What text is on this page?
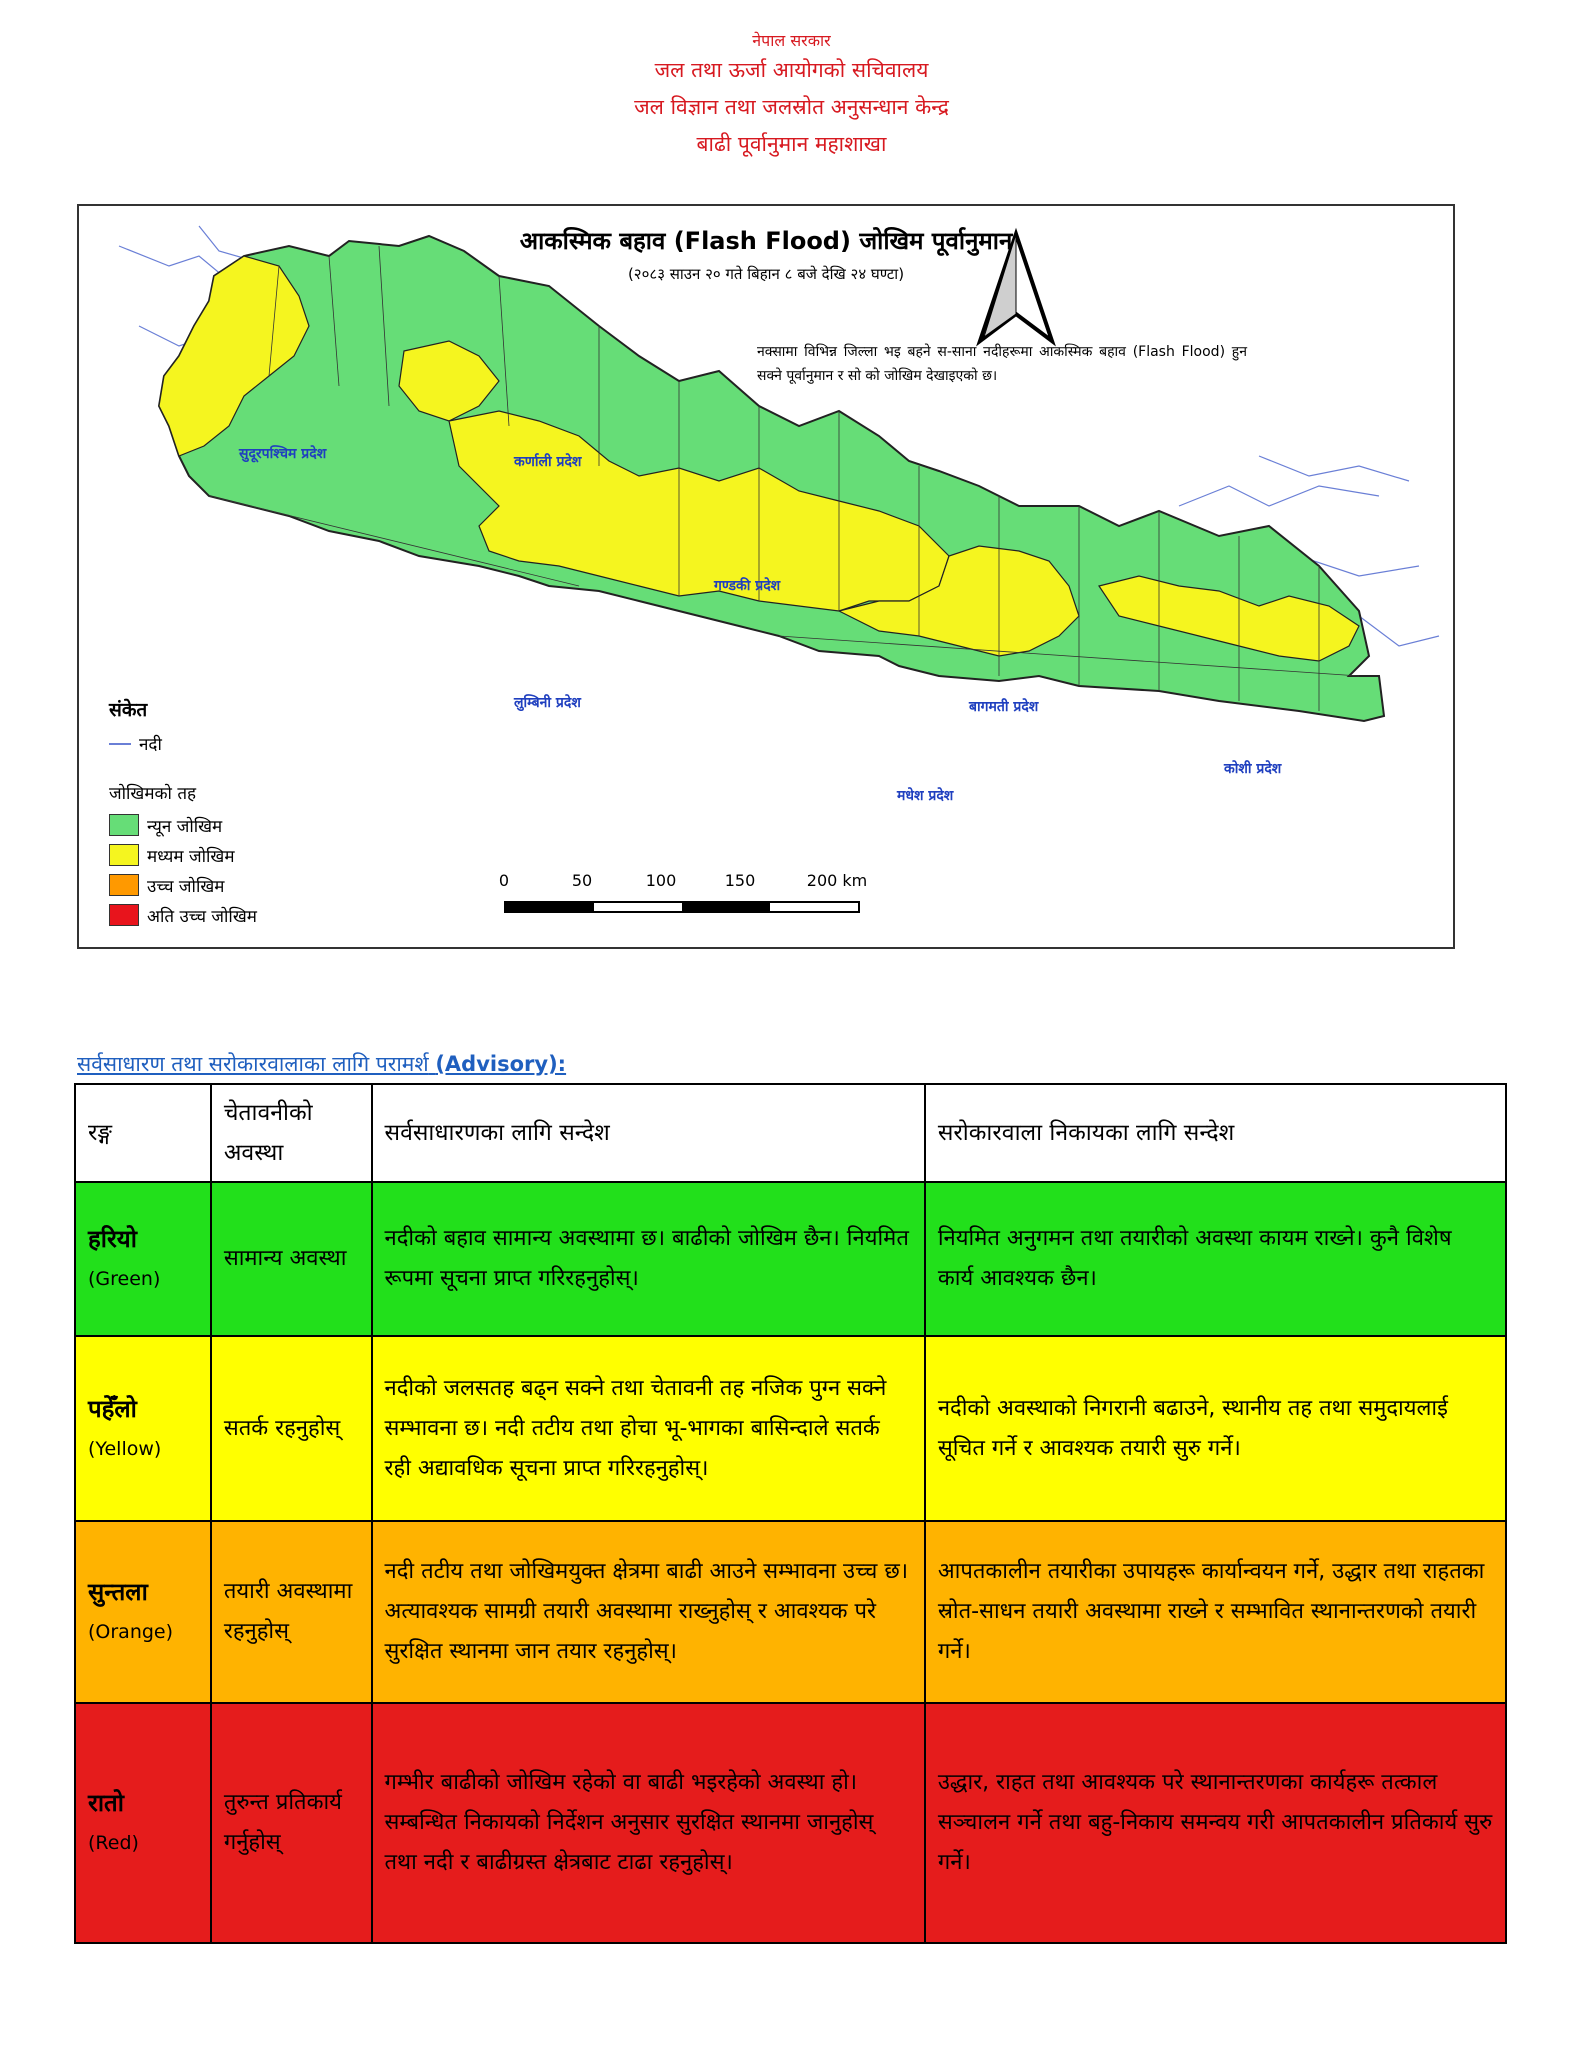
नेपाल सरकार
जल तथा ऊर्जा आयोगको सचिवालय
जल विज्ञान तथा जलस्रोत अनुसन्धान केन्द्र
बाढी पूर्वानुमान महाशाखा
आकस्मिक बहाव (Flash Flood) जोखिम पूर्वानुमान
(२०८३ साउन २० गते बिहान ८ बजे देखि २४ घण्टा)
नक्सामा विभिन्न जिल्ला भइ बहने स-साना नदीहरूमा आकस्मिक बहाव (Flash Flood) हुन सक्ने पूर्वानुमान र सो को जोखिम देखाइएको छ।
सुदूरपश्चिम प्रदेश	कर्णाली प्रदेश
गण्डकी प्रदेश
लुम्बिनी प्रदेश	बागमती प्रदेश
मधेश प्रदेश
कोशी प्रदेश
संकेत
नदी
जोखिमको तह
न्यून जोखिम
मध्यम जोखिम
उच्च जोखिम
अति उच्च जोखिम
0	50	100	150	200 km
सर्वसाधारण तथा सरोकारवालाका लागि परामर्श (Advisory):
रङ्ग	चेतावनीको अवस्था	सर्वसाधारणका लागि सन्देश	सरोकारवाला निकायका लागि सन्देश

हरियो
(Green)	सामान्य अवस्था	नदीको बहाव सामान्य अवस्थामा छ। बाढीको जोखिम छैन। नियमित रूपमा सूचना प्राप्त गरिरहनुहोस्।	नियमित अनुगमन तथा तयारीको अवस्था कायम राख्ने। कुनै विशेष कार्य आवश्यक छैन।

पहेँलो
(Yellow)	सतर्क रहनुहोस्	नदीको जलसतह बढ्न सक्ने तथा चेतावनी तह नजिक पुग्न सक्ने सम्भावना छ। नदी तटीय तथा होचा भू-भागका बासिन्दाले सतर्क रही अद्यावधिक सूचना प्राप्त गरिरहनुहोस्।	नदीको अवस्थाको निगरानी बढाउने, स्थानीय तह तथा समुदायलाई सूचित गर्ने र आवश्यक तयारी सुरु गर्ने।

सुन्तला
(Orange)	तयारी अवस्थामा रहनुहोस्	नदी तटीय तथा जोखिमयुक्त क्षेत्रमा बाढी आउने सम्भावना उच्च छ। अत्यावश्यक सामग्री तयारी अवस्थामा राख्नुहोस् र आवश्यक परे सुरक्षित स्थानमा जान तयार रहनुहोस्।	आपतकालीन तयारीका उपायहरू कार्यान्वयन गर्ने, उद्धार तथा राहतका स्रोत-साधन तयारी अवस्थामा राख्ने र सम्भावित स्थानान्तरणको तयारी गर्ने।

रातो
(Red)	तुरुन्त प्रतिकार्य गर्नुहोस्	गम्भीर बाढीको जोखिम रहेको वा बाढी भइरहेको अवस्था हो। सम्बन्धित निकायको निर्देशन अनुसार सुरक्षित स्थानमा जानुहोस् तथा नदी र बाढीग्रस्त क्षेत्रबाट टाढा रहनुहोस्।	उद्धार, राहत तथा आवश्यक परे स्थानान्तरणका कार्यहरू तत्काल सञ्चालन गर्ने तथा बहु-निकाय समन्वय गरी आपतकालीन प्रतिकार्य सुरु गर्ने।
